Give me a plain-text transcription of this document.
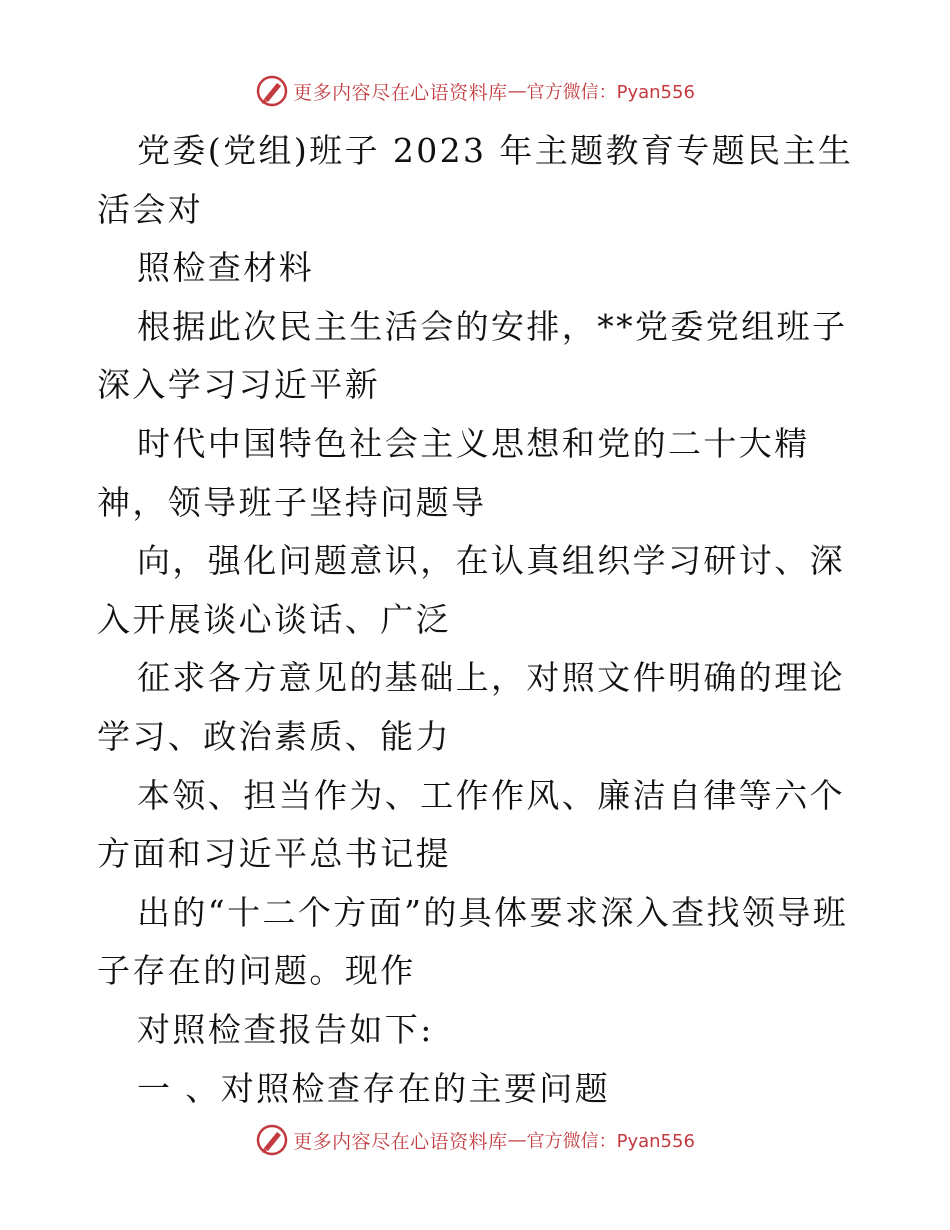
更多内容尽在心语资料库 — 官方微信：Pyan556

党委(党组)班子 2023 年主题教育专题民主生活会对

照检查材料

根据此次民主生活会的安排，**党委党组班子深入学习习近平新

时代中国特色社会主义思想和党的二十大精神，领导班子坚持问题导

向，强化问题意识，在认真组织学习研讨、深入开展谈心谈话、广泛

征求各方意见的基础上，对照文件明确的理论学习、政治素质、能力

本领、担当作为、工作作风、廉洁自律等六个方面和习近平总书记提

出的“十二个方面”的具体要求深入查找领导班子存在的问题。现作

对照检查报告如下:

一 、对照检查存在的主要问题

更多内容尽在心语资料库 — 官方微信：Pyan556
